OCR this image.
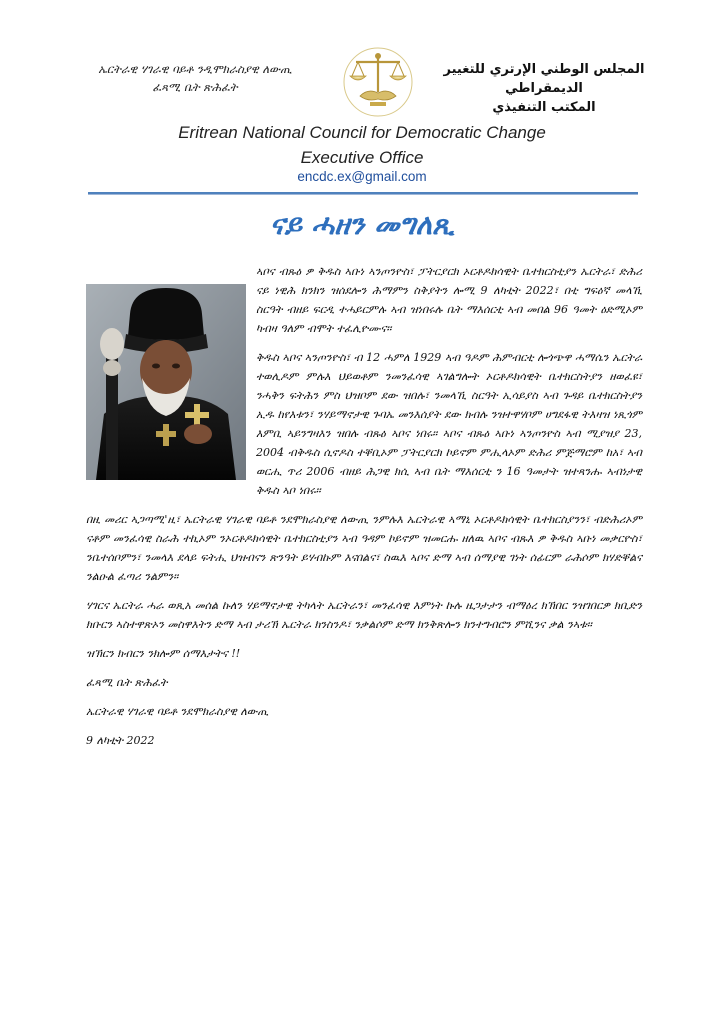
ኤርትራዊ ሃገራዊ ባይቶ ንዲሞክራስያዊ ለውጢ
ፈጻሚ ቤት ጽሕፈት
المجلس الوطني الإرتري للتغيير الديمقراطي
المكتب التنفيذي
Eritrean National Council for Democratic Change
Executive Office
encdc.ex@gmail.com
ናይ ሓዘን መግለጺ

ኣቦና ብጹዕ ዎ ቅዱስ ኣቡነ ኣንጦንዮስ፣ ፓትርያርክ ኦርቶዶክሳዊት ቤተክርስቲያን ኤርትራ፣ ድሕሪ ናይ ነዊሕ ክንክን ዝሰደሎን ሕማምን ስቅያትን ሎሚ 9 ለካቲት 2022፣ በቲ ግፍዕኛ መላኺ ስርዓት ብዘይ ፍርዲ ተሓይርምሉ ኣብ ዝነበሩሉ ቤት ማእሰርቲ ኣብ መበል 96 ዓመት ዕድሚኦም ካብዛ ዓለም ብሞት ተፈሊዮሙና።

ቅዱስ ኣቦና ኣንጦንዮስ፣ ብ 12 ሓምለ 1929 ኣብ ዓዶም ሕምብርቲ ሎጎጭዋ ሓማሴን ኤርትራ ተወሊዶም ምሉእ ህይወቶም ንመንፈሳዊ ኣገልግሎት ኦርቶዶክሳዊት ቤተክርስትያን ዘወፈዩ፣ ንሓቅን ፍትሕን ምስ ህዝቦም ደው ዝበሉ፣ ንመላኺ ስርዓት ኢሳይያስ ኣብ ጉዳይ ቤተክርስትያን ኢዱ ከየእቱን፣ ንሃይማኖታዊ ጉባኤ መንእሰያት ደው ክብሉ ንዝተዋሃቦም ሀግደፋዊ ትእዛዝ ነጺጎም እምቢ ኣይንግዛእን ዝበሉ ብጹዕ ኣቦና ነበሩ። ኣቦና ብጹዕ ኣቡነ ኣንጦንዮስ ኣብ ሚያዝያ 23, 2004 ብቅዱስ ሲኖዶስ ተቐቢኦም ፓትርያርክ ኮይኖም ምሒላኦም ድሕሪ ምጅማሮም ከአ፣ ኣብ ወርሒ ጥሪ 2006 ብዘይ ሕጋዊ ክሲ ኣብ ቤት ማእሰርቲ ን 16 ዓመታት ዝተጻንሑ ኣብነታዊ ቅዱስ ኣቦ ነበሩ።

በዚ መሪር ኣጋጣሚ'ዚ፣ ኤርትራዊ ሃገራዊ ባይቶ ንደሞክራስያዊ ለውጢ ንምሉእ ኤርትራዊ ኣማኒ ኦርቶዶክሳዊት ቤተክርስያንን፣ ብድሕሪኦም ናቶም መንፈሳዊ ስራሕ ተኪኦም ንኦርቶዶክሳዊት ቤተክርስቲያን ኣብ ዓዳም ኮይኖም ዝመርሑ ዘለዉ ኣቦና ብጹእ ዎ ቅዱስ ኣቡነ መቃርዮስ፣ ንቤተሰቦምን፣ ንመላእ ደላይ ፍትሒ ህዝብናን ጽንዓት ይሃብኩም እናበልና፣ ስዉእ ኣቦና ድማ ኣብ ሰማያዊ ገነት ሰፊርም ራሕሶም ክሃድቐልና ንልዑል ፈጣሪ ንልምን።

ሃገርና ኤርትራ ሓራ ወጺአ መሰል ኩለን ሃይማኖታዊ ትካላት ኤርትራን፣ መንፈሳዊ እምነት ኩሉ ዜጋታታን ብማዕረ ክኽበር ንዝገበርዎ ክቢድን ክቡርን ኣስተዋጽኦን መስዋእትን ድማ ኣብ ታሪኽ ኤርትራ ክንስንዶ፣ ንቃልሶም ድማ ክንቅጽሎን ክንተግብሮን ምሺንና ቃል ንኣቱ።

ዝኽርን ክብርን ንክሎም ሰማእታትና !!

ፈጻሚ ቤት ጽሕፈት

ኤርትራዊ ሃገራዊ ባይቶ ንደሞክራስያዊ ለውጢ

9 ለካቲት 2022
